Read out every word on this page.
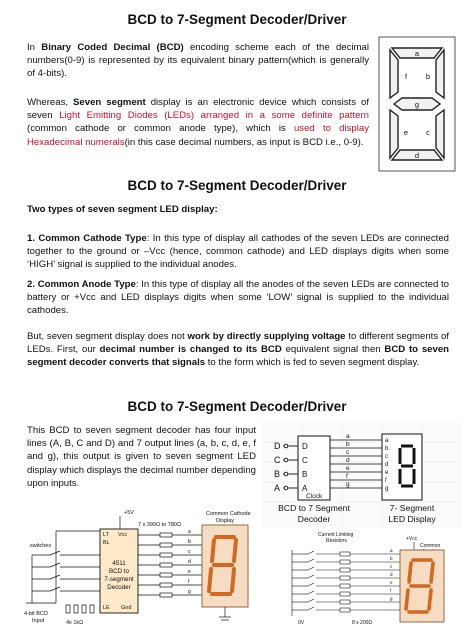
BCD to 7-Segment Decoder/Driver
In Binary Coded Decimal (BCD) encoding scheme each of the decimal numbers(0-9) is represented by its equivalent binary pattern(which is generally of 4-bits).
Whereas, Seven segment display is an electronic device which consists of seven Light Emitting Diodes (LEDs) arranged in a some definite pattern (common cathode or common anode type), which is used to display Hexadecimal numerals(in this case decimal numbers, as input is BCD i.e., 0-9).
a
b
c
d
e
f
g
BCD to 7-Segment Decoder/Driver
Two types of seven segment LED display:
1. Common Cathode Type: In this type of display all cathodes of the seven LEDs are connected together to the ground or –Vcc (hence, common cathode) and LED displays digits when some ‘HIGH’ signal is supplied to the individual anodes.
2. Common Anode Type: In this type of display all the anodes of the seven LEDs are connected to battery or +Vcc and LED displays digits when some ‘LOW’ signal is supplied to the individual cathodes.
But, seven segment display does not work by directly supplying voltage to different segments of LEDs. First, our decimal number is changed to its BCD equivalent signal then BCD to seven segment decoder converts that signals to the form which is fed to seven segment display.
BCD to 7-Segment Decoder/Driver
This BCD to seven segment decoder has four input lines (A, B, C and D) and 7 output lines (a, b, c, d, e, f and g), this output is given to seven segment LED display which displays the decimal number depending upon inputs.
D
C
B
A
D
C
B
A
Clock
a
b
c
d
e
f
g
a
b
c
d
e
f
g
BCD to 7 Segment
Decoder
7- Segment
LED Display
+5V
7 x 390Ω to 780Ω
Common Cathode
Display
switches
4-bit BCD
Input	4x 1kΩ
LT Vcc
BL
LE Gnd
4511
BCD to
7-segment
Decoder
a
b
c
d
e
f
g
Current Limiting
Resistors	+Vcc
Common
8 x 200Ω
0V
a
b
c
d
e
f
g
